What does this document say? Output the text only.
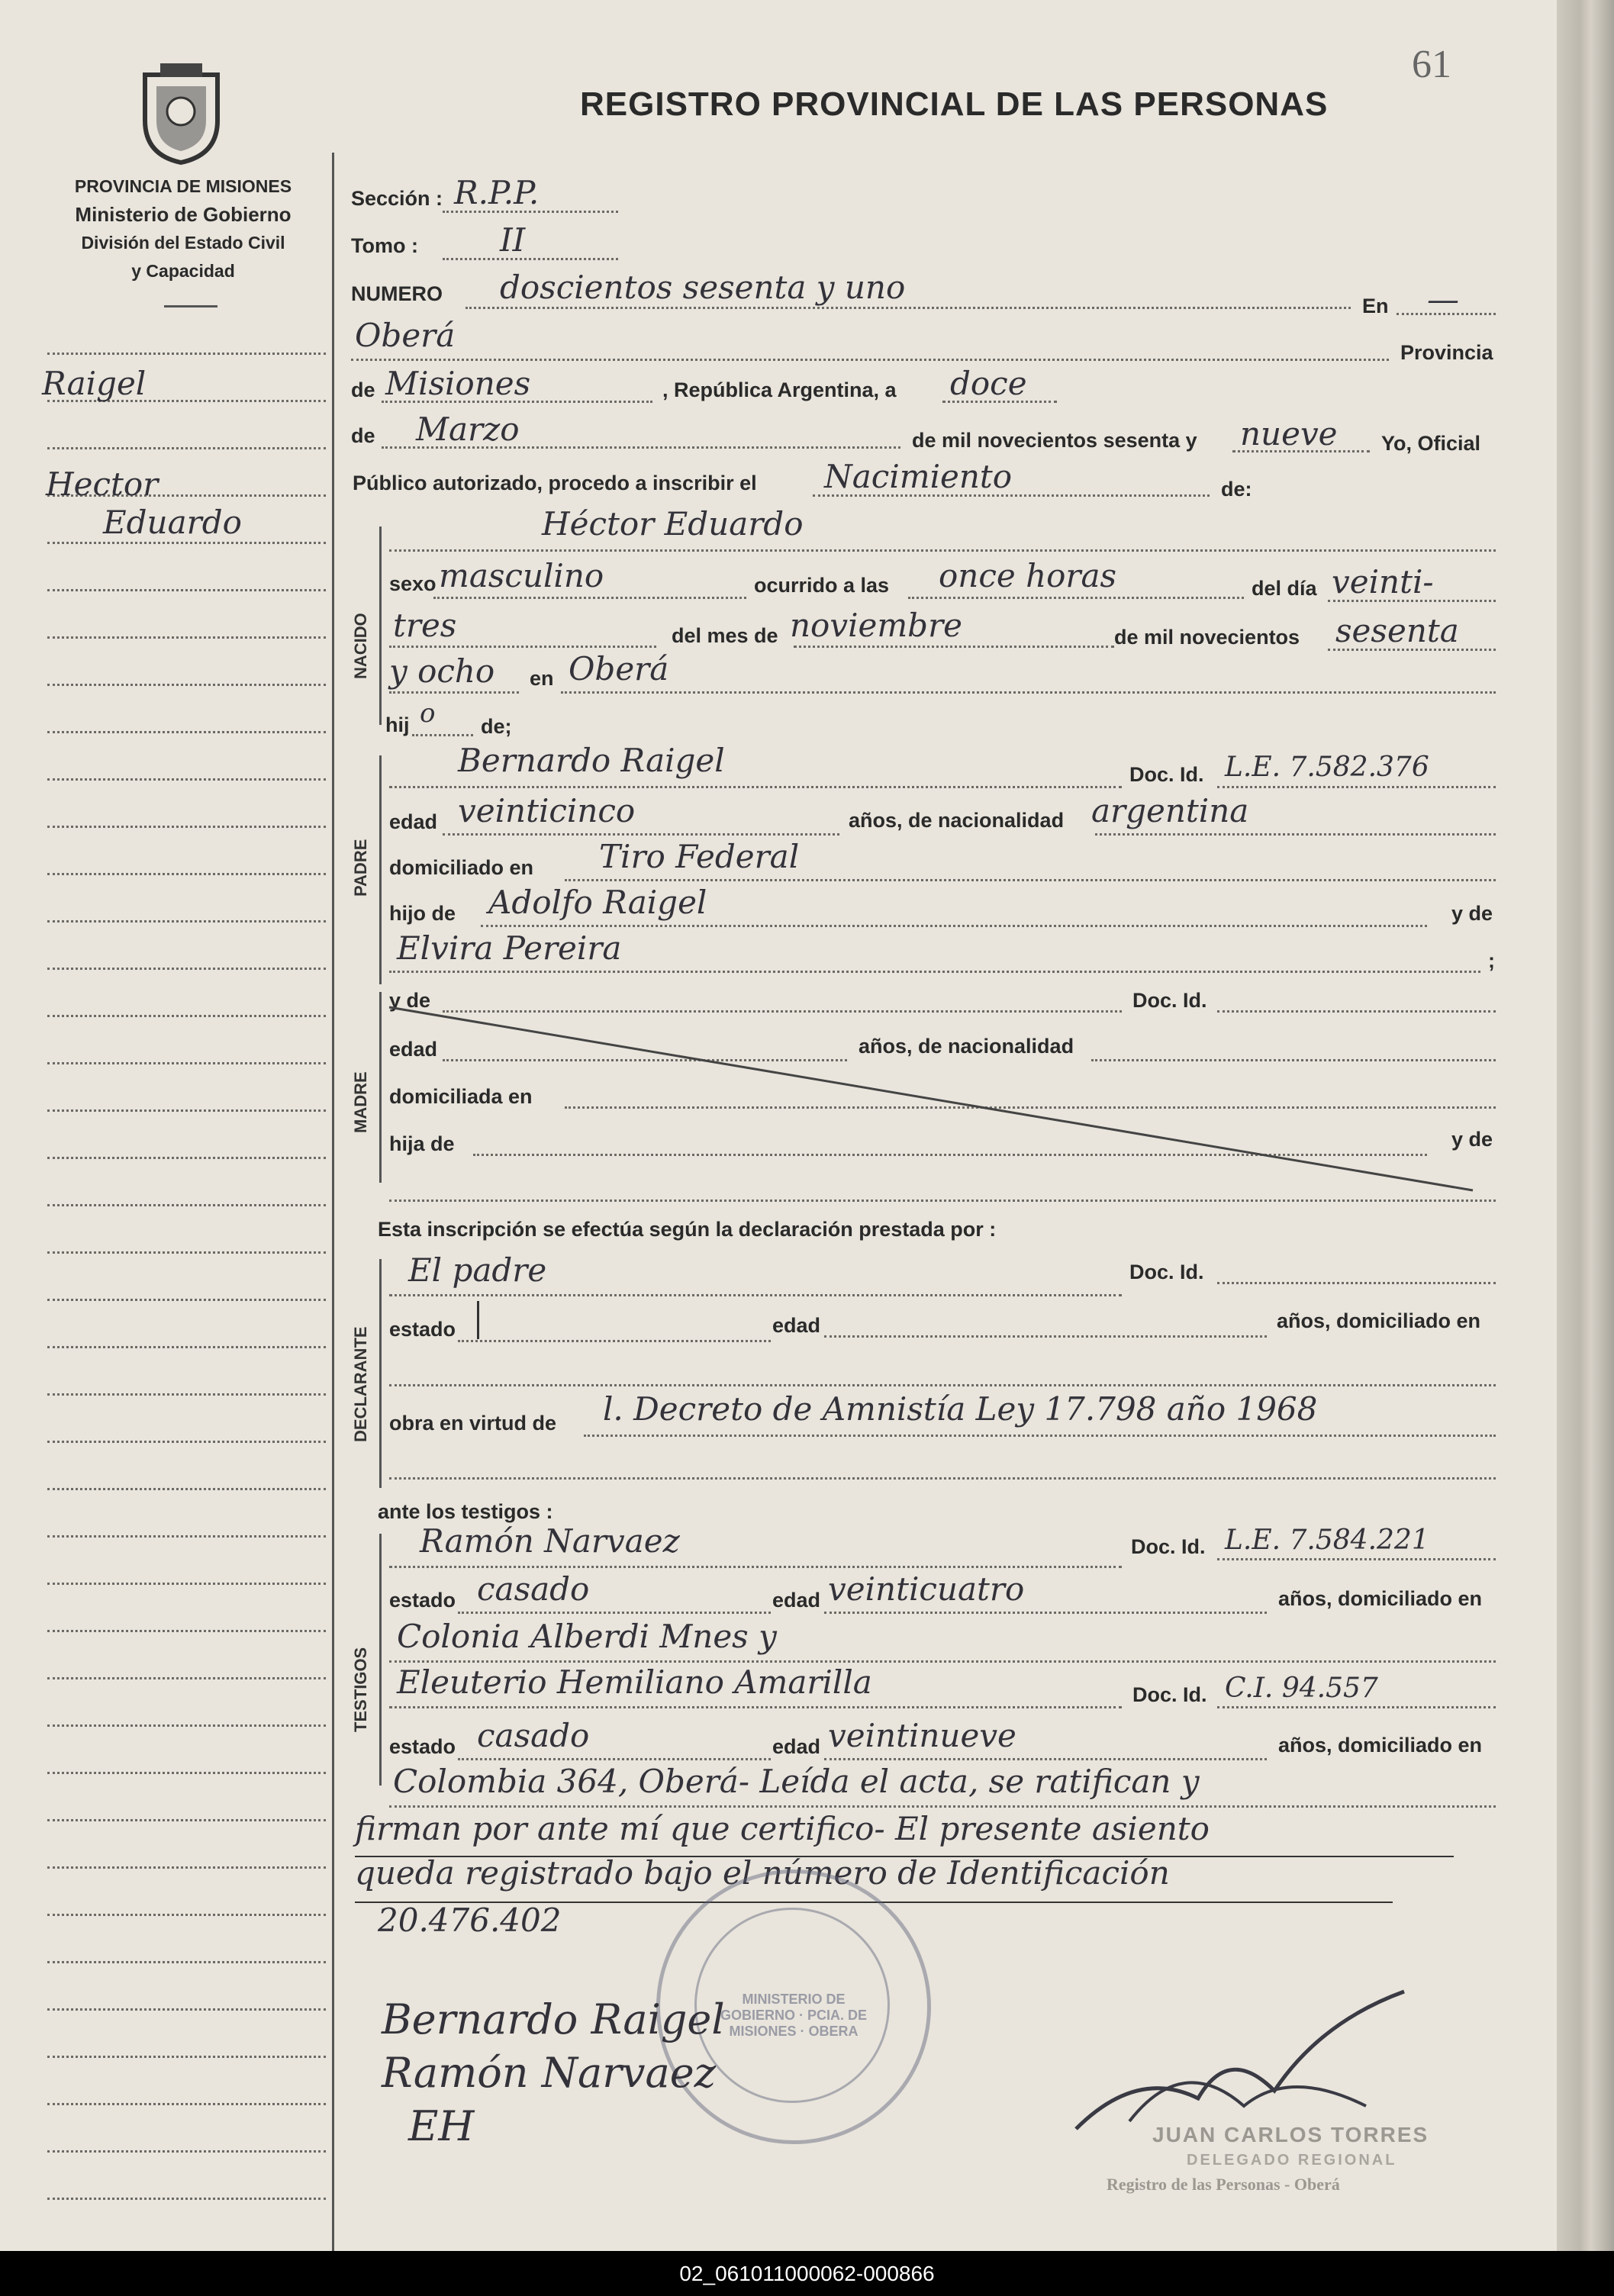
REGISTRO PROVINCIAL DE LAS PERSONAS
61
PROVINCIA DE MISIONES
Ministerio de Gobierno
División del Estado Civil
y Capacidad
Raigel
Hector
Eduardo
Sección : R.P.P.
Tomo :	II
NUMERO doscientos sesenta y uno	En —
Oberá	Provincia
de Misiones	, República Argentina, a doce
de Marzo	de mil novecientos sesenta y nueve Yo, Oficial
Público autorizado, procedo a inscribir el Nacimiento	de:
NACIDO
Héctor Eduardo
sexo masculino	ocurrido a las once horas	del día veinti-
tres	del mes de noviembre	de mil novecientos sesenta
y ocho en Oberá
hij o de;
PADRE
Bernardo Raigel	Doc. Id. L.E. 7.582.376
edad veinticinco	años, de nacionalidad argentina
domiciliado en Tiro Federal
hijo de Adolfo Raigel	y de
Elvira Pereira	;
MADRE
y de	Doc. Id.
edad	años, de nacionalidad
domiciliada en
hija de	y de
Esta inscripción se efectúa según la declaración prestada por :
DECLARANTE
El padre	Doc. Id.
estado	edad	años, domiciliado en
obra en virtud de l. Decreto de Amnistía Ley 17.798 año 1968
ante los testigos :
TESTIGOS
Ramón Narvaez	Doc. Id. L.E. 7.584.221
estado casado	edad veinticuatro	años, domiciliado en
Colonia Alberdi Mnes y
Eleuterio Hemiliano Amarilla	Doc. Id. C.I. 94.557
estado casado	edad veintinueve	años, domiciliado en
Colombia 364, Oberá- Leída el acta, se ratifican y
firman por ante mí que certifico- El presente asiento
queda registrado bajo el número de Identificación
20.476.402
MINISTERIO DE GOBIERNO · PCIA. DE MISIONES · OBERA
Bernardo Raigel
Ramón Narvaez
EH	JUAN CARLOS TORRES
DELEGADO REGIONAL
Registro de las Personas - Oberá
02_061011000062-000866
